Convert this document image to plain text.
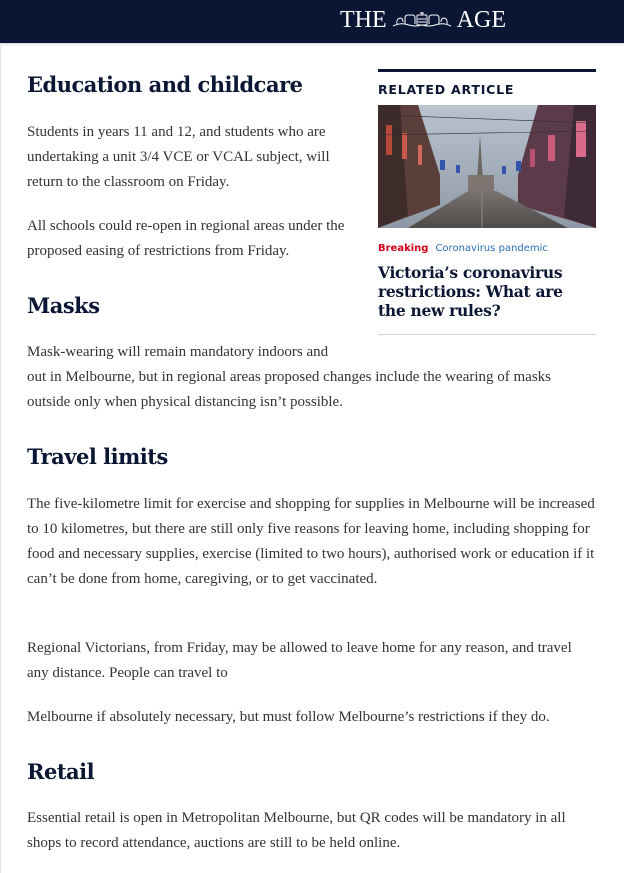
THE	AGE
Education and childcare

Students in years 11 and 12, and students who are undertaking a unit 3/4 VCE or VCAL subject, will return to the classroom on Friday.

All schools could re-open in regional areas under the proposed easing of restrictions from Friday.

Masks

Mask-wearing will remain mandatory indoors and

out in Melbourne, but in regional areas proposed changes include the wearing of masks outside only when physical distancing isn’t possible.

Travel limits

The five-kilometre limit for exercise and shopping for supplies in Melbourne will be increased to 10 kilometres, but there are still only five reasons for leaving home, including shopping for food and necessary supplies, exercise (limited to two hours), authorised work or education if it can’t be done from home, caregiving, or to get vaccinated.

Regional Victorians, from Friday, may be allowed to leave home for any reason, and travel any distance. People can travel to

Melbourne if absolutely necessary, but must follow Melbourne’s restrictions if they do.

Retail

Essential retail is open in Metropolitan Melbourne, but QR codes will be mandatory in all shops to record attendance, auctions are still to be held online.

RELATED ARTICLE
Breaking Coronavirus pandemic
Victoria’s coronavirus restrictions: What are the new rules?
